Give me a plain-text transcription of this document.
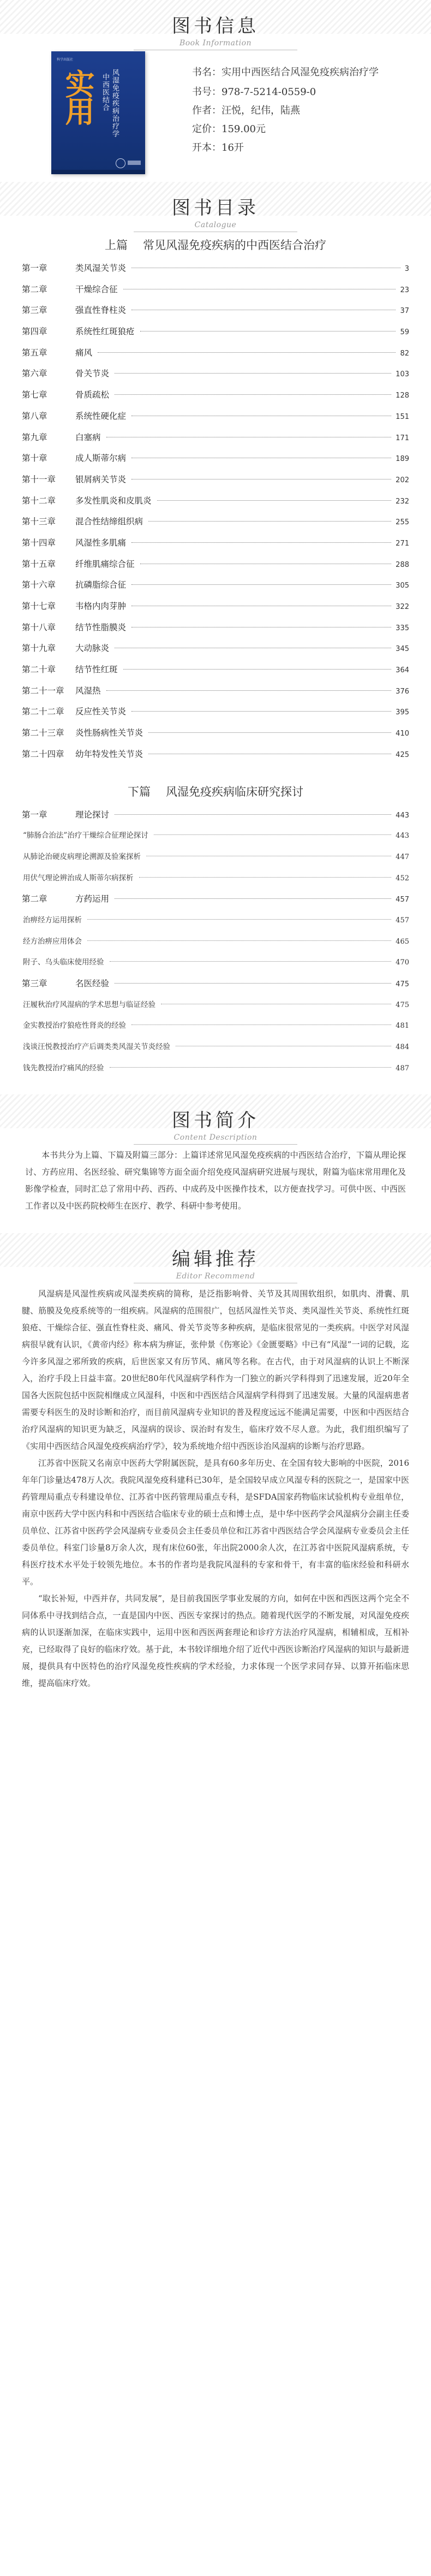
图书信息
Book Information
科学出版社
实用 中西医结合 风湿免疫疾病治疗学	书名：实用中西医结合风湿免疫疾病治疗学
书号：978-7-5214-0559-0
作者：汪悦，纪伟，陆燕
定价：159.00元
开本：16开
图书目录
Catalogue
上篇 常见风湿免疫疾病的中西医结合治疗
第一章	类风湿关节炎	3
第二章	干燥综合征	23
第三章	强直性脊柱炎	37
第四章	系统性红斑狼疮	59
第五章	痛风	82
第六章	骨关节炎	103
第七章	骨质疏松	128
第八章	系统性硬化症	151
第九章	白塞病	171
第十章	成人斯蒂尔病	189
第十一章	银屑病关节炎	202
第十二章	多发性肌炎和皮肌炎	232
第十三章	混合性结缔组织病	255
第十四章	风湿性多肌痛	271
第十五章	纤维肌痛综合征	288
第十六章	抗磷脂综合征	305
第十七章	韦格内肉芽肿	322
第十八章	结节性脂膜炎	335
第十九章	大动脉炎	345
第二十章	结节性红斑	364
第二十一章	风湿热	376
第二十二章	反应性关节炎	395
第二十三章	炎性肠病性关节炎	410
第二十四章	幼年特发性关节炎	425
下篇 风湿免疫疾病临床研究探讨
第一章	理论探讨	443
“肺肠合治法”治疗干燥综合征理论探讨	443
从肺论治硬皮病理论溯源及验案探析	447
用伏气理论辨治成人斯蒂尔病探析	452
第二章	方药运用	457
治痹经方运用探析	457
经方治痹应用体会	465
附子、乌头临床使用经验	470
第三章	名医经验	475
汪履秋治疗风湿病的学术思想与临证经验	475
金实教授治疗狼疮性肾炎的经验	481
浅谈汪悦教授治疗产后调类类风湿关节炎经验	484
钱先教授治疗痛风的经验	487
图书简介
Content Description
本书共分为上篇、下篇及附篇三部分：上篇详述常见风湿免疫疾病的中西医结合治疗，下篇从理论探讨、方药应用、名医经验、研究集锦等方面全面介绍免疫风湿病研究进展与现状，附篇为临床常用理化及影像学检查，同时汇总了常用中药、西药、中成药及中医操作技术，以方便查找学习。可供中医、中西医工作者以及中医药院校师生在医疗、教学、科研中参考使用。
编辑推荐
Editor Recommend

风湿病是风湿性疾病或风湿类疾病的简称，是泛指影响骨、关节及其周围软组织，如肌肉、滑囊、肌腱、筋膜及免疫系统等的一组疾病。风湿病的范围很广，包括风湿性关节炎、类风湿性关节炎、系统性红斑狼疮、干燥综合征、强直性脊柱炎、痛风、骨关节炎等多种疾病，是临床很常见的一类疾病。中医学对风湿病很早就有认识，《黄帝内经》称本病为痹证，张仲景《伤寒论》《金匮要略》中已有“风湿”一词的记载，迄今许多风湿之邪所致的疾病，后世医家又有历节风、痛风等名称。在古代，由于对风湿病的认识上不断深入，治疗手段上日益丰富。20世纪80年代风湿病学科作为一门独立的新兴学科得到了迅速发展，近20年全国各大医院包括中医院相继成立风湿科，中医和中西医结合风湿病学科得到了迅速发展。大量的风湿病患者需要专科医生的及时诊断和治疗，而目前风湿病专业知识的普及程度远远不能满足需要，中医和中西医结合治疗风湿病的知识更为缺乏，风湿病的误诊、误治时有发生，临床疗效不尽人意。为此，我们组织编写了《实用中西医结合风湿免疫疾病治疗学》，较为系统地介绍中西医诊治风湿病的诊断与治疗思路。

江苏省中医院又名南京中医药大学附属医院，是具有60多年历史、在全国有较大影响的中医院，2016年年门诊量达478万人次。我院风湿免疫科建科已30年，是全国较早成立风湿专科的医院之一，是国家中医药管理局重点专科建设单位、江苏省中医药管理局重点专科，是SFDA国家药物临床试验机构专业组单位，南京中医药大学中医内科和中西医结合临床专业的硕士点和博士点，是中华中医药学会风湿病分会副主任委员单位、江苏省中医药学会风湿病专业委员会主任委员单位和江苏省中西医结合学会风湿病专业委员会主任委员单位。科室门诊量8万余人次，现有床位60张，年出院2000余人次，在江苏省中医院风湿病系统，专科医疗技术水平处于较领先地位。本书的作者均是我院风湿科的专家和骨干，有丰富的临床经验和科研水平。

“取长补短，中西并存，共同发展”，是目前我国医学事业发展的方向，如何在中医和西医这两个完全不同体系中寻找到结合点，一直是国内中医、西医专家探讨的热点。随着现代医学的不断发展，对风湿免疫疾病的认识逐渐加深，在临床实践中，运用中医和西医两套理论和诊疗方法治疗风湿病，相辅相成，互相补充，已经取得了良好的临床疗效。基于此，本书较详细地介绍了近代中西医诊断治疗风湿病的知识与最新进展，提供具有中医特色的治疗风湿免疫性疾病的学术经验，力求体现一个医学求同存异、以算开拓临床思维，提高临床疗效。
